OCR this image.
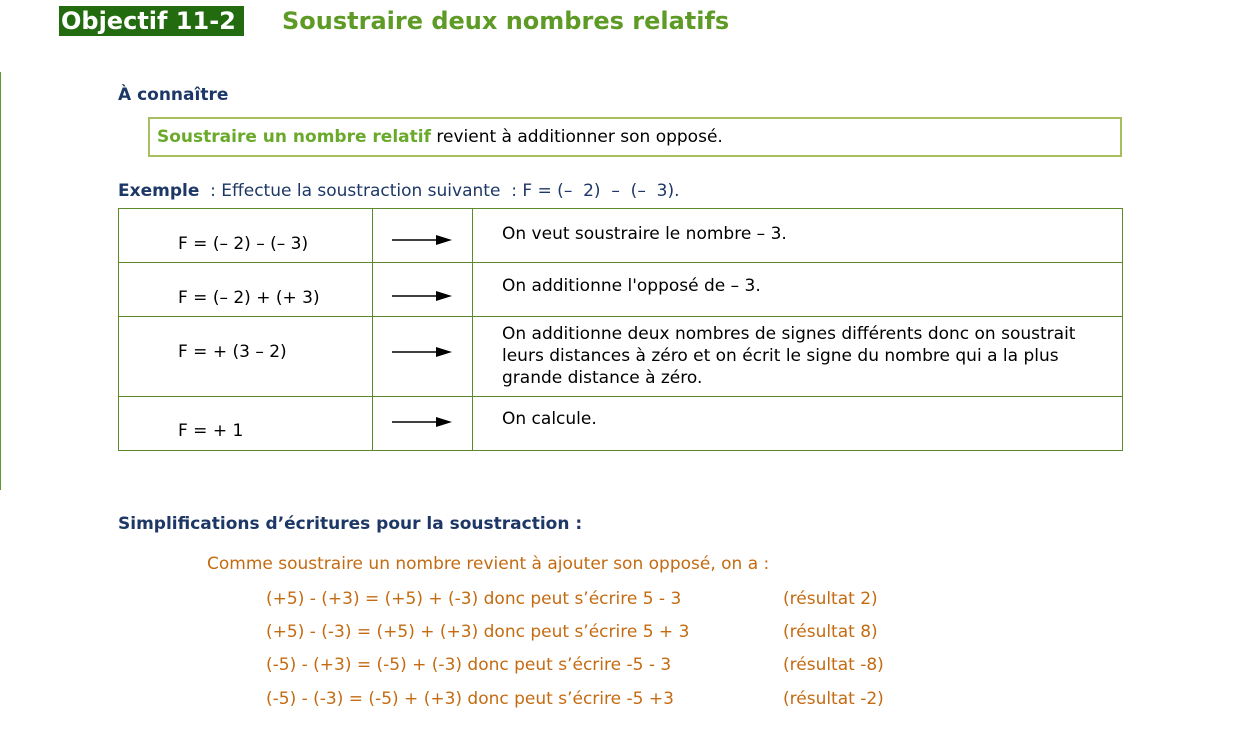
Objectif 11-2	Soustraire deux nombres relatifs
À connaître
Soustraire un nombre relatif revient à additionner son opposé.
Exemple  : Effectue la soustraction suivante  : F = (–  2)  –  (–  3).
F = (– 2) – (– 3)		On veut soustraire le nombre – 3.

F = (– 2) + (+ 3)		On additionne l'opposé de – 3.

F = + (3 – 2)		On additionne deux nombres de signes différents donc on soustrait leurs distances à zéro et on écrit le signe du nombre qui a la plus grande distance à zéro.

F = + 1		On calcule.
Simplifications d’écritures pour la soustraction :
Comme soustraire un nombre revient à ajouter son opposé, on a :
(+5) - (+3) = (+5) + (-3) donc peut s’écrire 5 - 3	(résultat 2)
(+5) - (-3) = (+5) + (+3) donc peut s’écrire 5 + 3	(résultat 8)
(-5) - (+3) = (-5) + (-3) donc peut s’écrire -5 - 3	(résultat -8)
(-5) - (-3) = (-5) + (+3) donc peut s’écrire -5 +3	(résultat -2)
